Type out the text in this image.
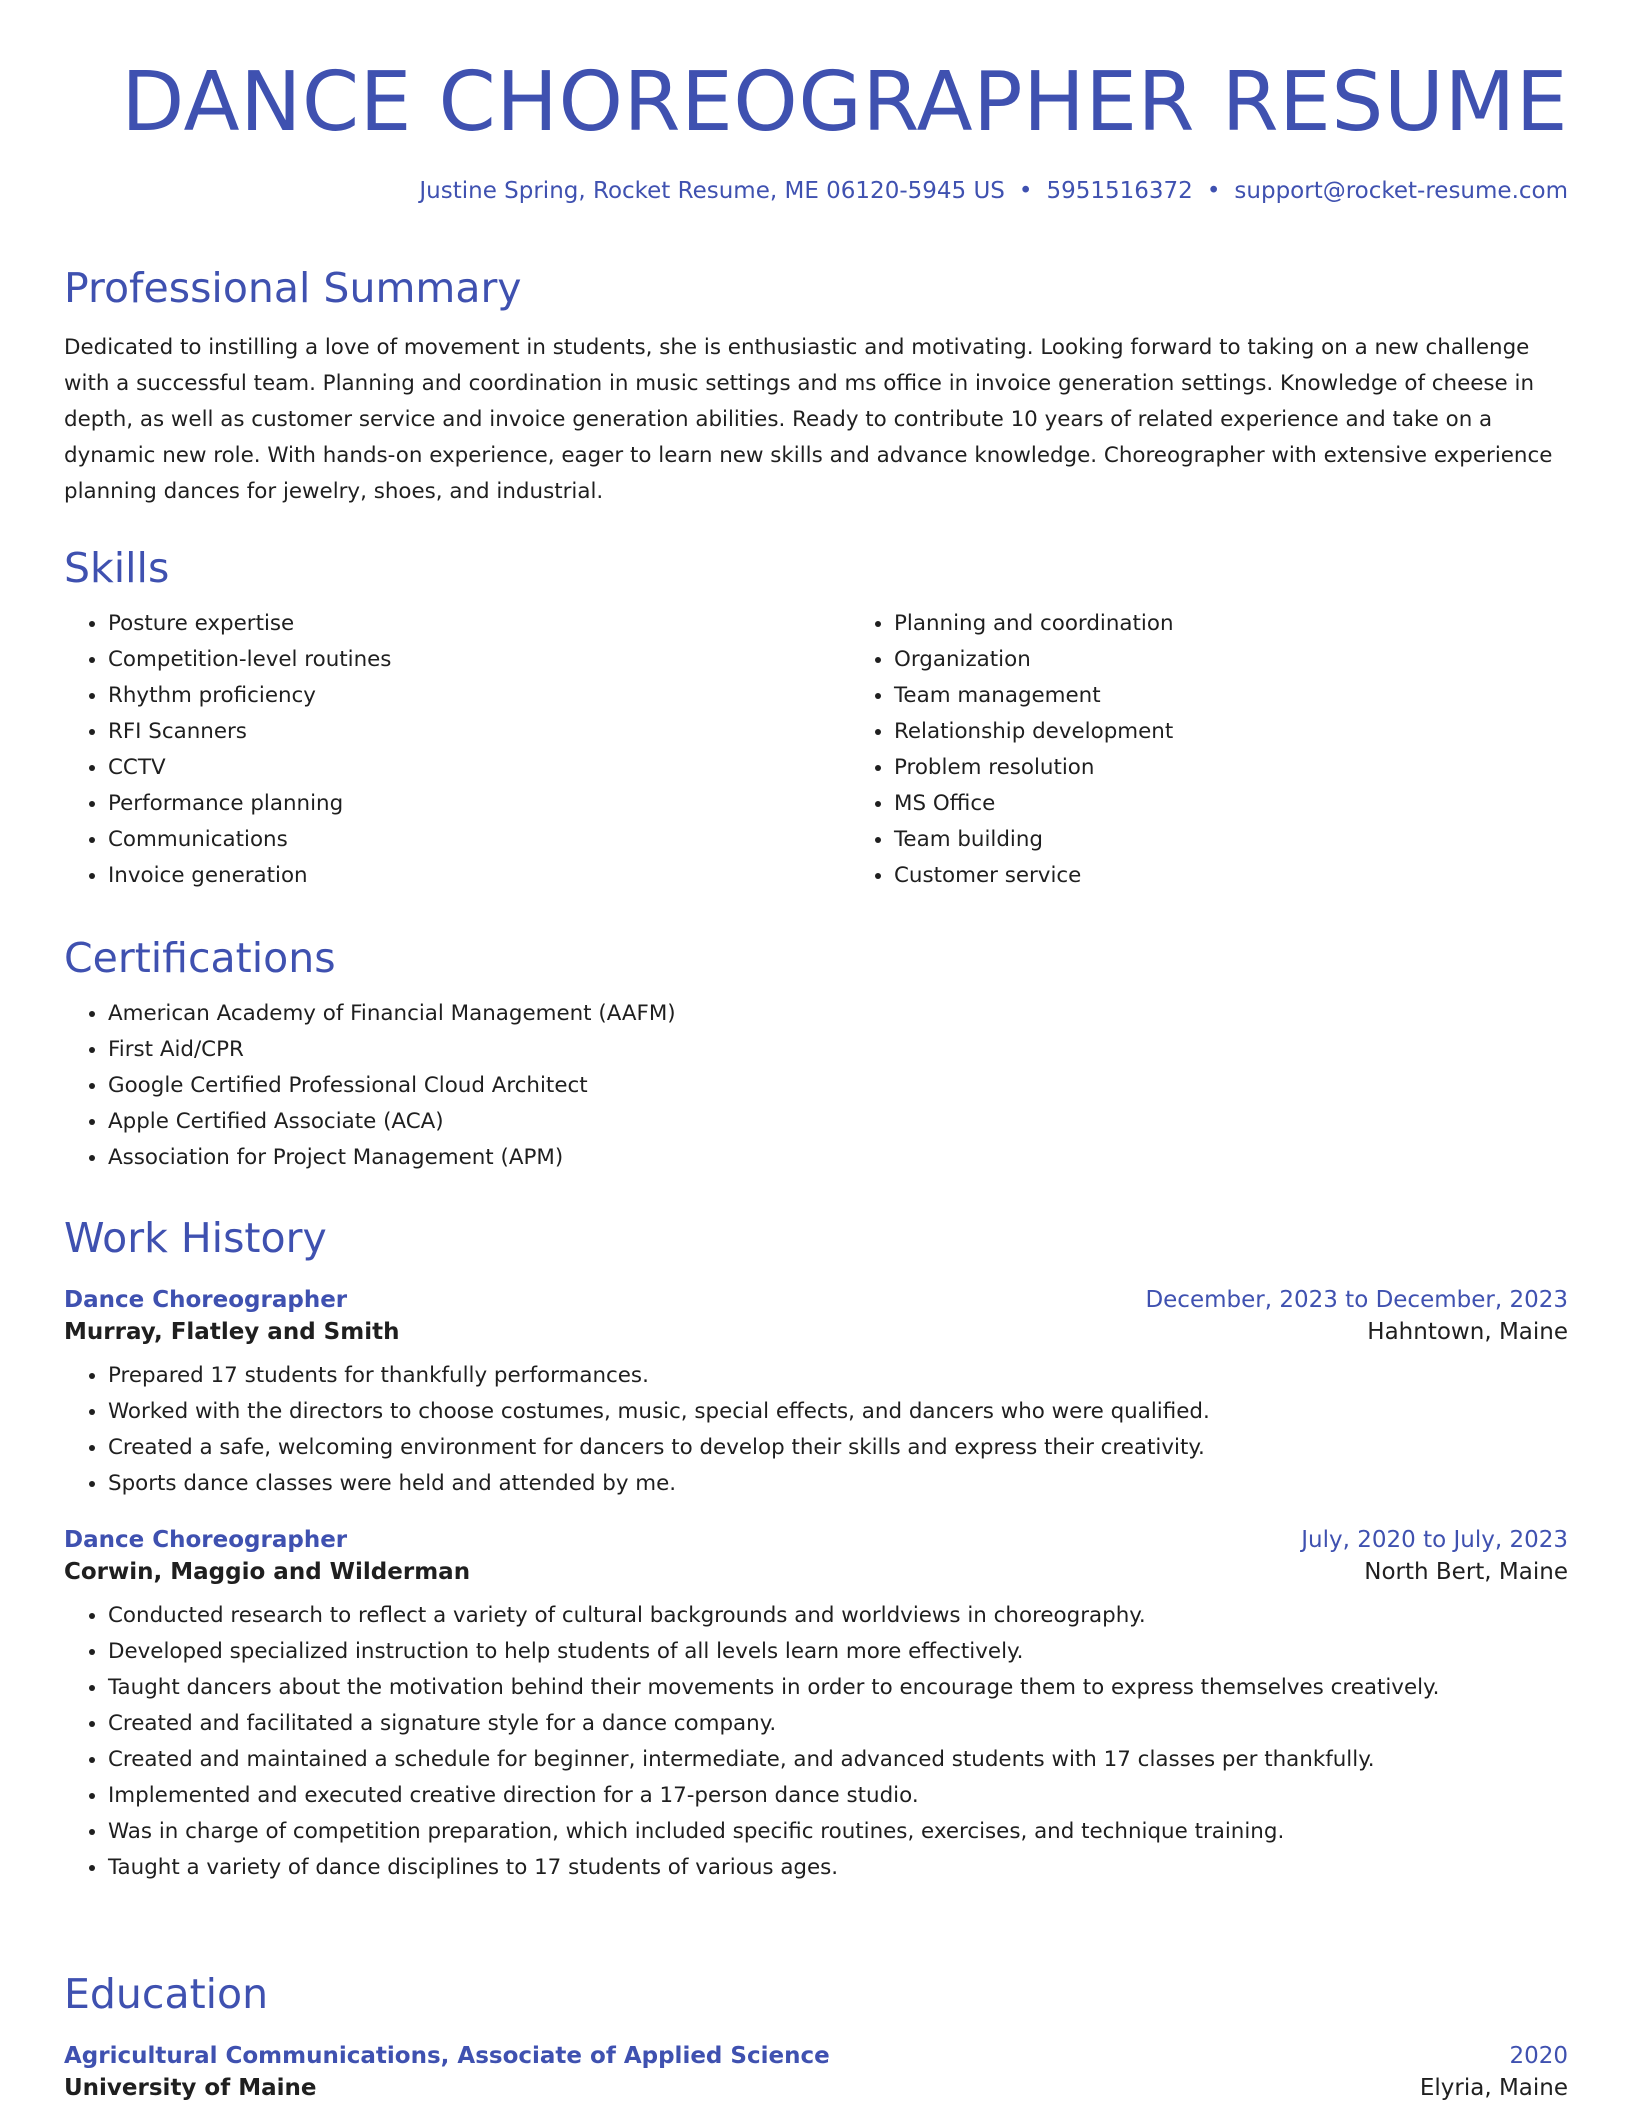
DANCE CHOREOGRAPHER RESUME
Justine Spring, Rocket Resume, ME 06120-5945 US • 5951516372 • support@rocket-resume.com
Professional Summary

Dedicated to instilling a love of movement in students, she is enthusiastic and motivating. Looking forward to taking on a new challenge with a successful team. Planning and coordination in music settings and ms office in invoice generation settings. Knowledge of cheese in depth, as well as customer service and invoice generation abilities. Ready to contribute 10 years of related experience and take on a dynamic new role. With hands-on experience, eager to learn new skills and advance knowledge. Choreographer with extensive experience planning dances for jewelry, shoes, and industrial.

Skills
• Posture expertise
• Competition-level routines
• Rhythm proficiency
• RFI Scanners
• CCTV
• Performance planning
• Communications
• Invoice generation
• Planning and coordination
• Organization
• Team management
• Relationship development
• Problem resolution
• MS Office
• Team building
• Customer service
Certifications
• American Academy of Financial Management (AAFM)
• First Aid/CPR
• Google Certified Professional Cloud Architect
• Apple Certified Associate (ACA)
• Association for Project Management (APM)
Work History
Dance Choreographer	December, 2023 to December, 2023
Murray, Flatley and Smith	Hahntown, Maine
• Prepared 17 students for thankfully performances.
• Worked with the directors to choose costumes, music, special effects, and dancers who were qualified.
• Created a safe, welcoming environment for dancers to develop their skills and express their creativity.
• Sports dance classes were held and attended by me.
Dance Choreographer	July, 2020 to July, 2023
Corwin, Maggio and Wilderman	North Bert, Maine
• Conducted research to reflect a variety of cultural backgrounds and worldviews in choreography.
• Developed specialized instruction to help students of all levels learn more effectively.
• Taught dancers about the motivation behind their movements in order to encourage them to express themselves creatively.
• Created and facilitated a signature style for a dance company.
• Created and maintained a schedule for beginner, intermediate, and advanced students with 17 classes per thankfully.
• Implemented and executed creative direction for a 17-person dance studio.
• Was in charge of competition preparation, which included specific routines, exercises, and technique training.
• Taught a variety of dance disciplines to 17 students of various ages.
Education
Agricultural Communications, Associate of Applied Science	2020
University of Maine	Elyria, Maine
